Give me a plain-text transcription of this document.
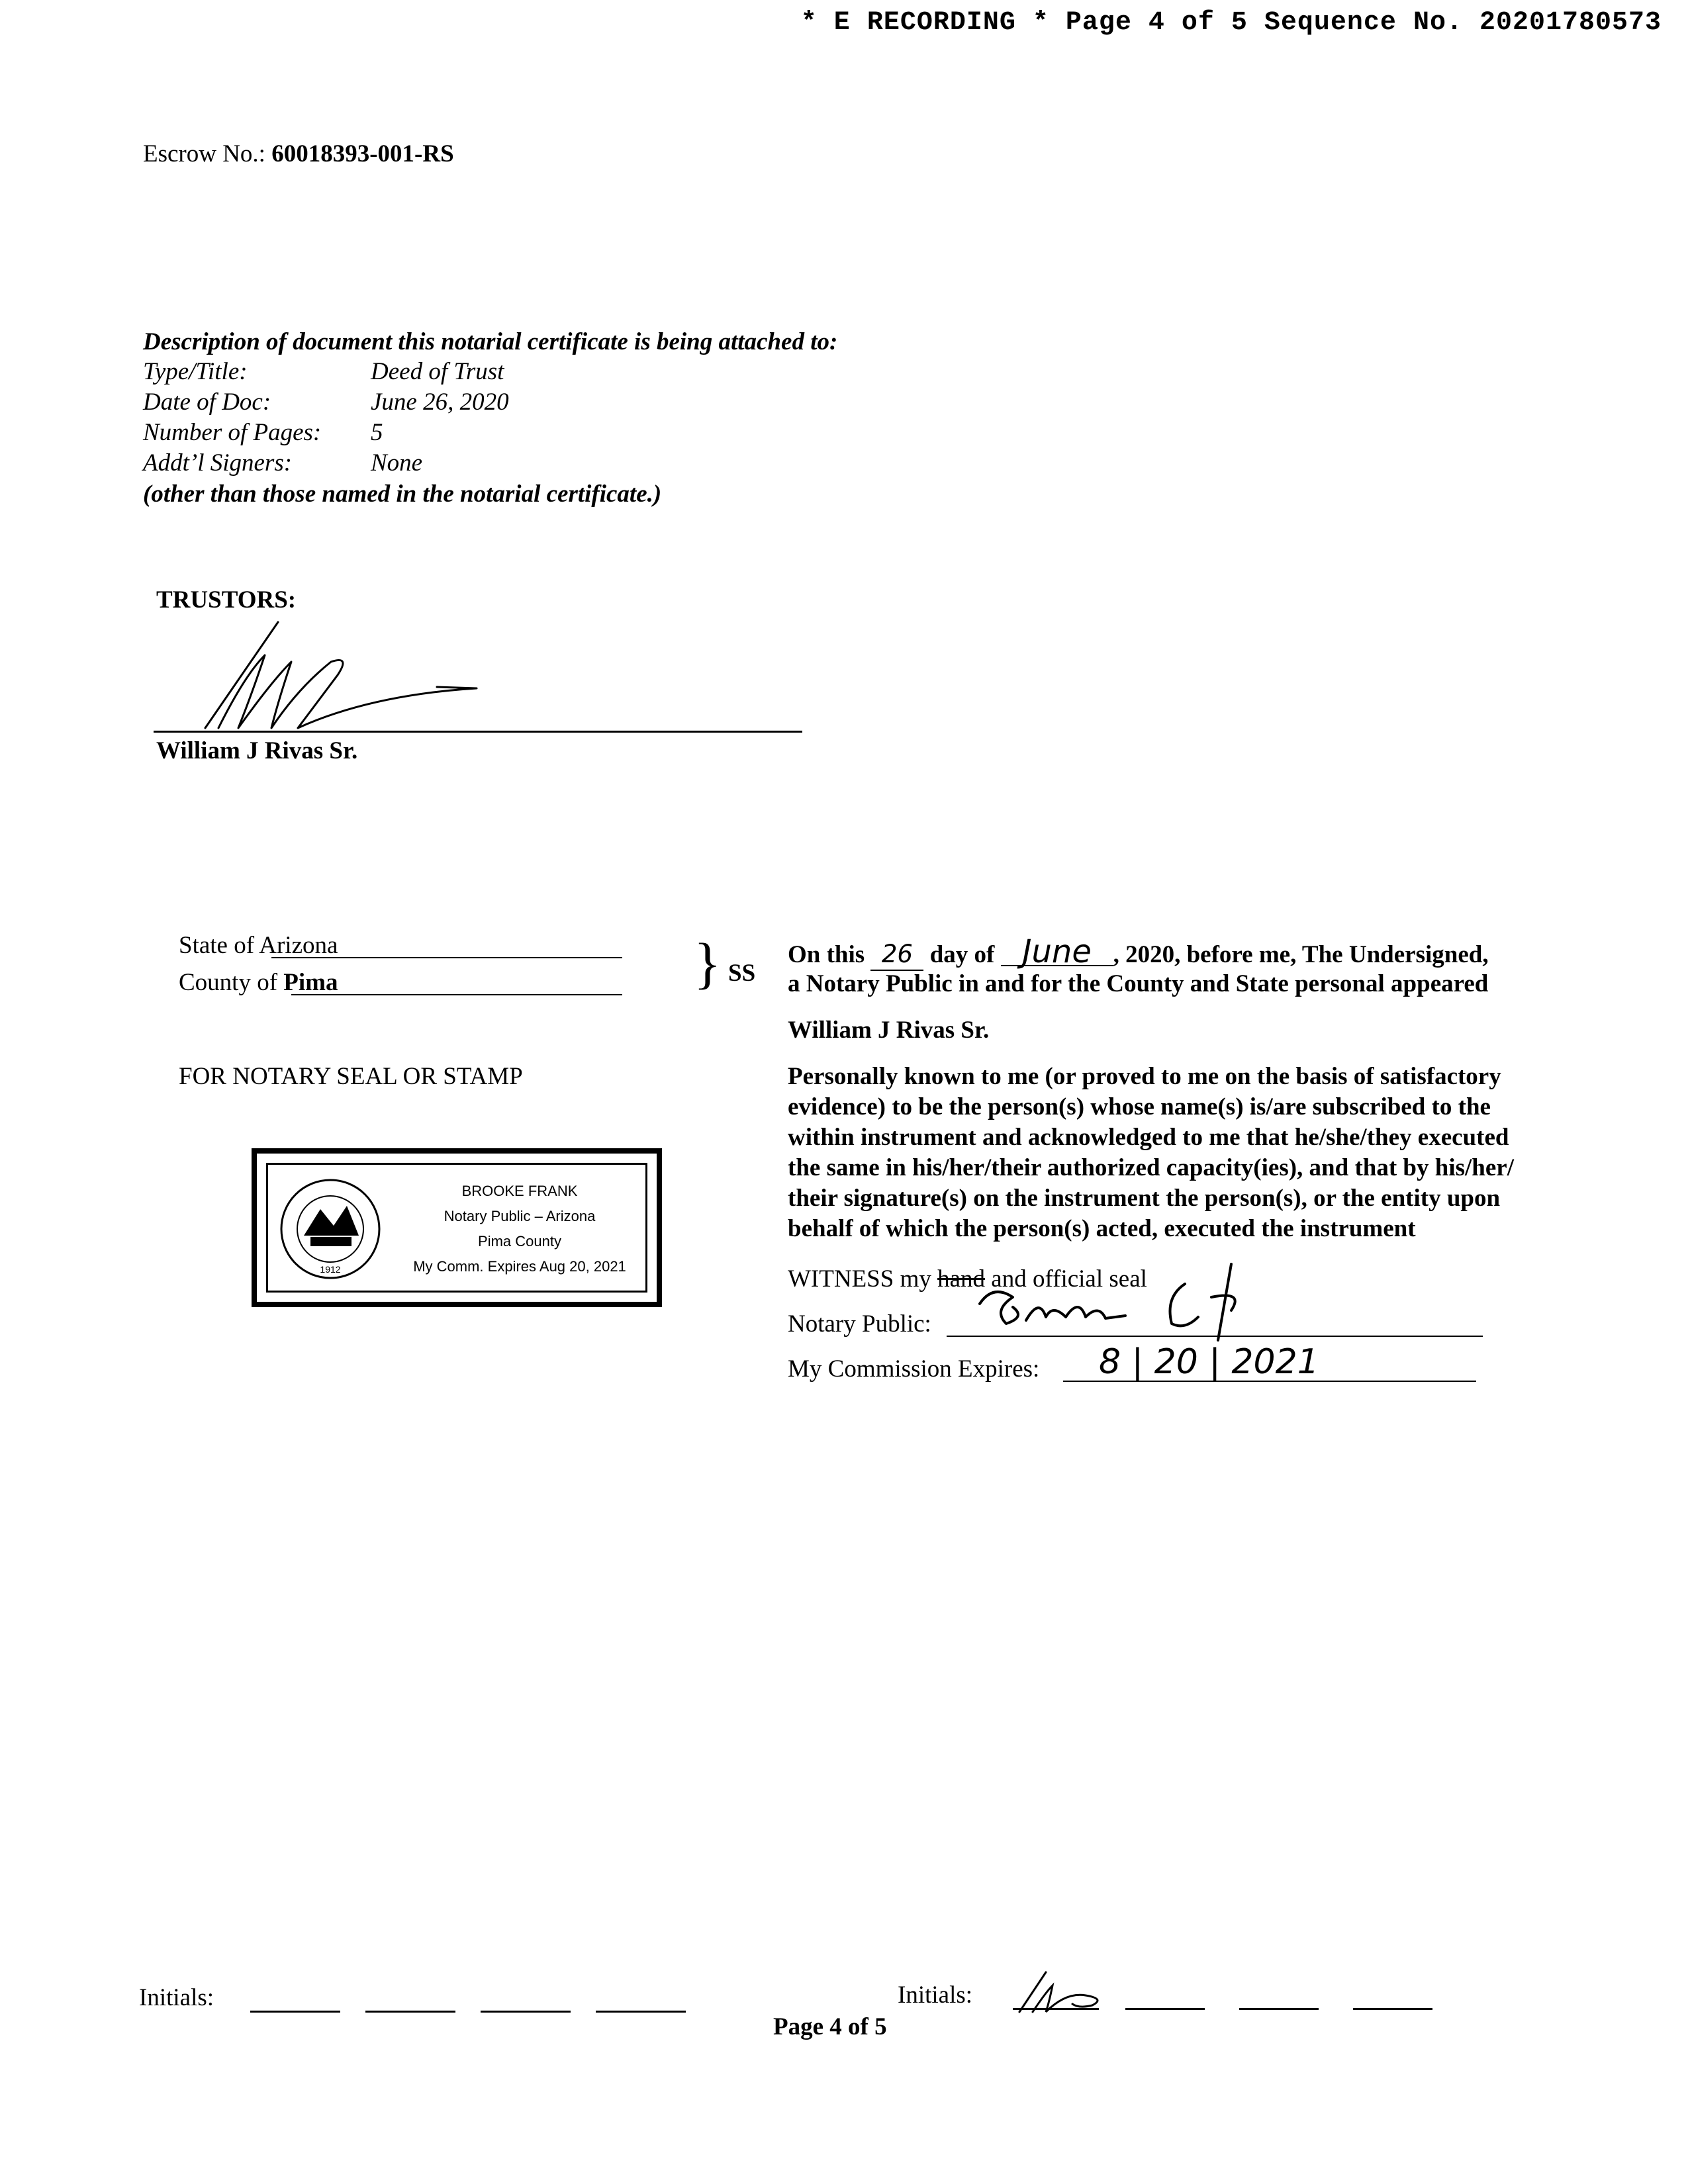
* E RECORDING * Page 4 of 5 Sequence No. 20201780573
Escrow No.: 60018393-001-RS
Description of document this notarial certificate is being attached to:
Type/Title:	Deed of Trust
Date of Doc:	June 26, 2020
Number of Pages: 5
Addt’l Signers:	None
(other than those named in the notarial certificate.)
TRUSTORS:
William J Rivas Sr.
State of Arizona
County of Pima	} SS
FOR NOTARY SEAL OR STAMP
1912
BROOKE FRANK
Notary Public – Arizona
Pima County
My Comm. Expires Aug 20, 2021
On this 26 day of June , 2020, before me, The Undersigned,
a Notary Public in and for the County and State personal appeared
William J Rivas Sr.
Personally known to me (or proved to me on the basis of satisfactory
evidence) to be the person(s) whose name(s) is/are subscribed to the
within instrument and acknowledged to me that he/she/they executed
the same in his/her/their authorized capacity(ies), and that by his/her/
their signature(s) on the instrument the person(s), or the entity upon
behalf of which the person(s) acted, executed the instrument
WITNESS my hand and official seal
Notary Public:
My Commission Expires: 8 | 20 | 2021
Initials:	Initials:
Page 4 of 5
